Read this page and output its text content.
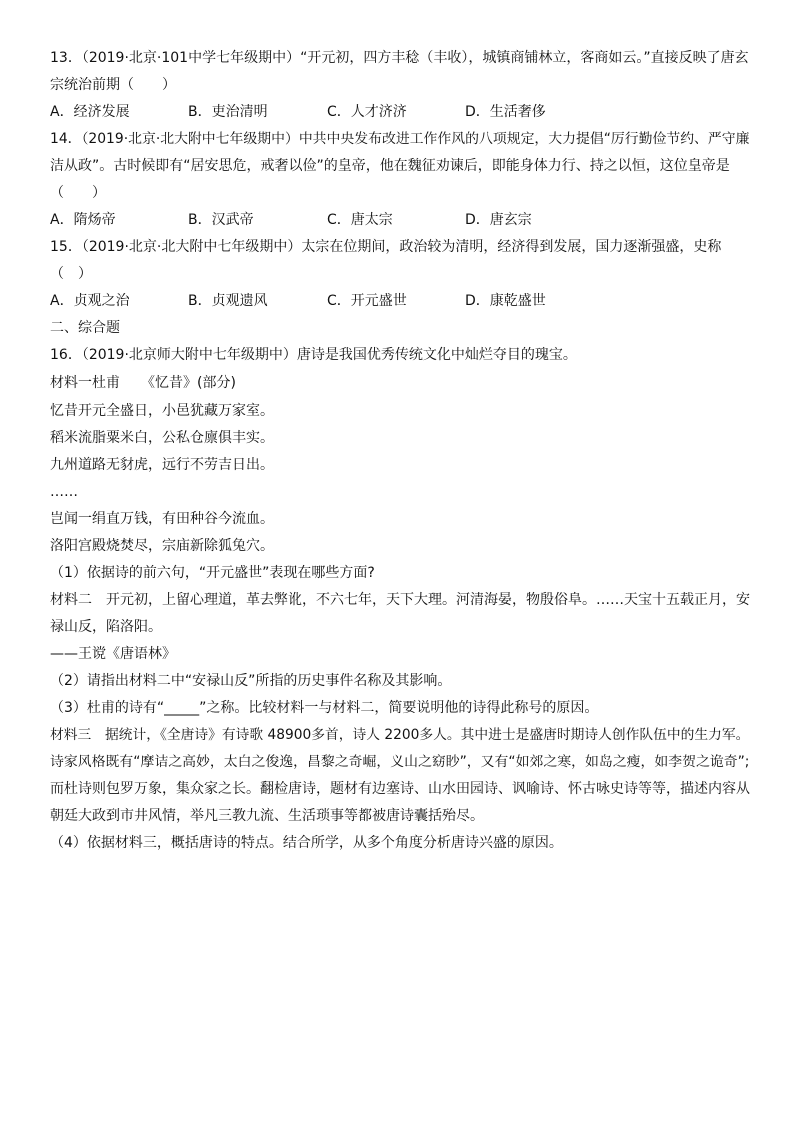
13．（2019·北京·101中学七年级期中）“开元初，四方丰稔（丰收），城镇商铺林立，客商如云。”直接反映了唐玄
宗统治前期（　　）
A．经济发展	B．吏治清明	C．人才济济	D．生活奢侈
14．（2019·北京·北大附中七年级期中）中共中央发布改进工作作风的八项规定，大力提倡“厉行勤俭节约、严守廉
洁从政”。古时候即有“居安思危，戒奢以俭”的皇帝，他在魏征劝谏后，即能身体力行、持之以恒，这位皇帝是
（　　）
A．隋炀帝	B．汉武帝	C．唐太宗	D．唐玄宗
15．（2019·北京·北大附中七年级期中）太宗在位期间，政治较为清明，经济得到发展，国力逐渐强盛，史称
（　）
A．贞观之治	B．贞观遗风	C．开元盛世	D．康乾盛世
二、综合题
16．（2019·北京师大附中七年级期中）唐诗是我国优秀传统文化中灿烂夺目的瑰宝。
材料一杜甫　　《忆昔》(部分)
忆昔开元全盛日，小邑犹藏万家室。
稻米流脂粟米白，公私仓廪俱丰实。
九州道路无豺虎，远行不劳吉日出。
……
岂闻一绢直万钱，有田种谷今流血。
洛阳宫殿烧焚尽，宗庙新除狐兔穴。
（1）依据诗的前六句，“开元盛世”表现在哪些方面?
材料二　开元初，上留心理道，革去弊讹，不六七年，天下大理。河清海晏，物殷俗阜。……天宝十五载正月，安
禄山反，陷洛阳。
——王谠《唐语林》
（2）请指出材料二中“安禄山反”所指的历史事件名称及其影响。
（3）杜甫的诗有“_____”之称。比较材料一与材料二，简要说明他的诗得此称号的原因。
材料三　据统计，《全唐诗》有诗歌 48900多首，诗人 2200多人。其中进士是盛唐时期诗人创作队伍中的生力军。
诗家风格既有“摩诘之高妙，太白之俊逸，昌黎之奇崛，义山之窈眇”，又有“如郊之寒，如岛之瘦，如李贺之诡奇”;
而杜诗则包罗万象，集众家之长。翻检唐诗，题材有边塞诗、山水田园诗、讽喻诗、怀古咏史诗等等，描述内容从
朝廷大政到市井风情，举凡三教九流、生活琐事等都被唐诗囊括殆尽。
（4）依据材料三，概括唐诗的特点。结合所学，从多个角度分析唐诗兴盛的原因。
